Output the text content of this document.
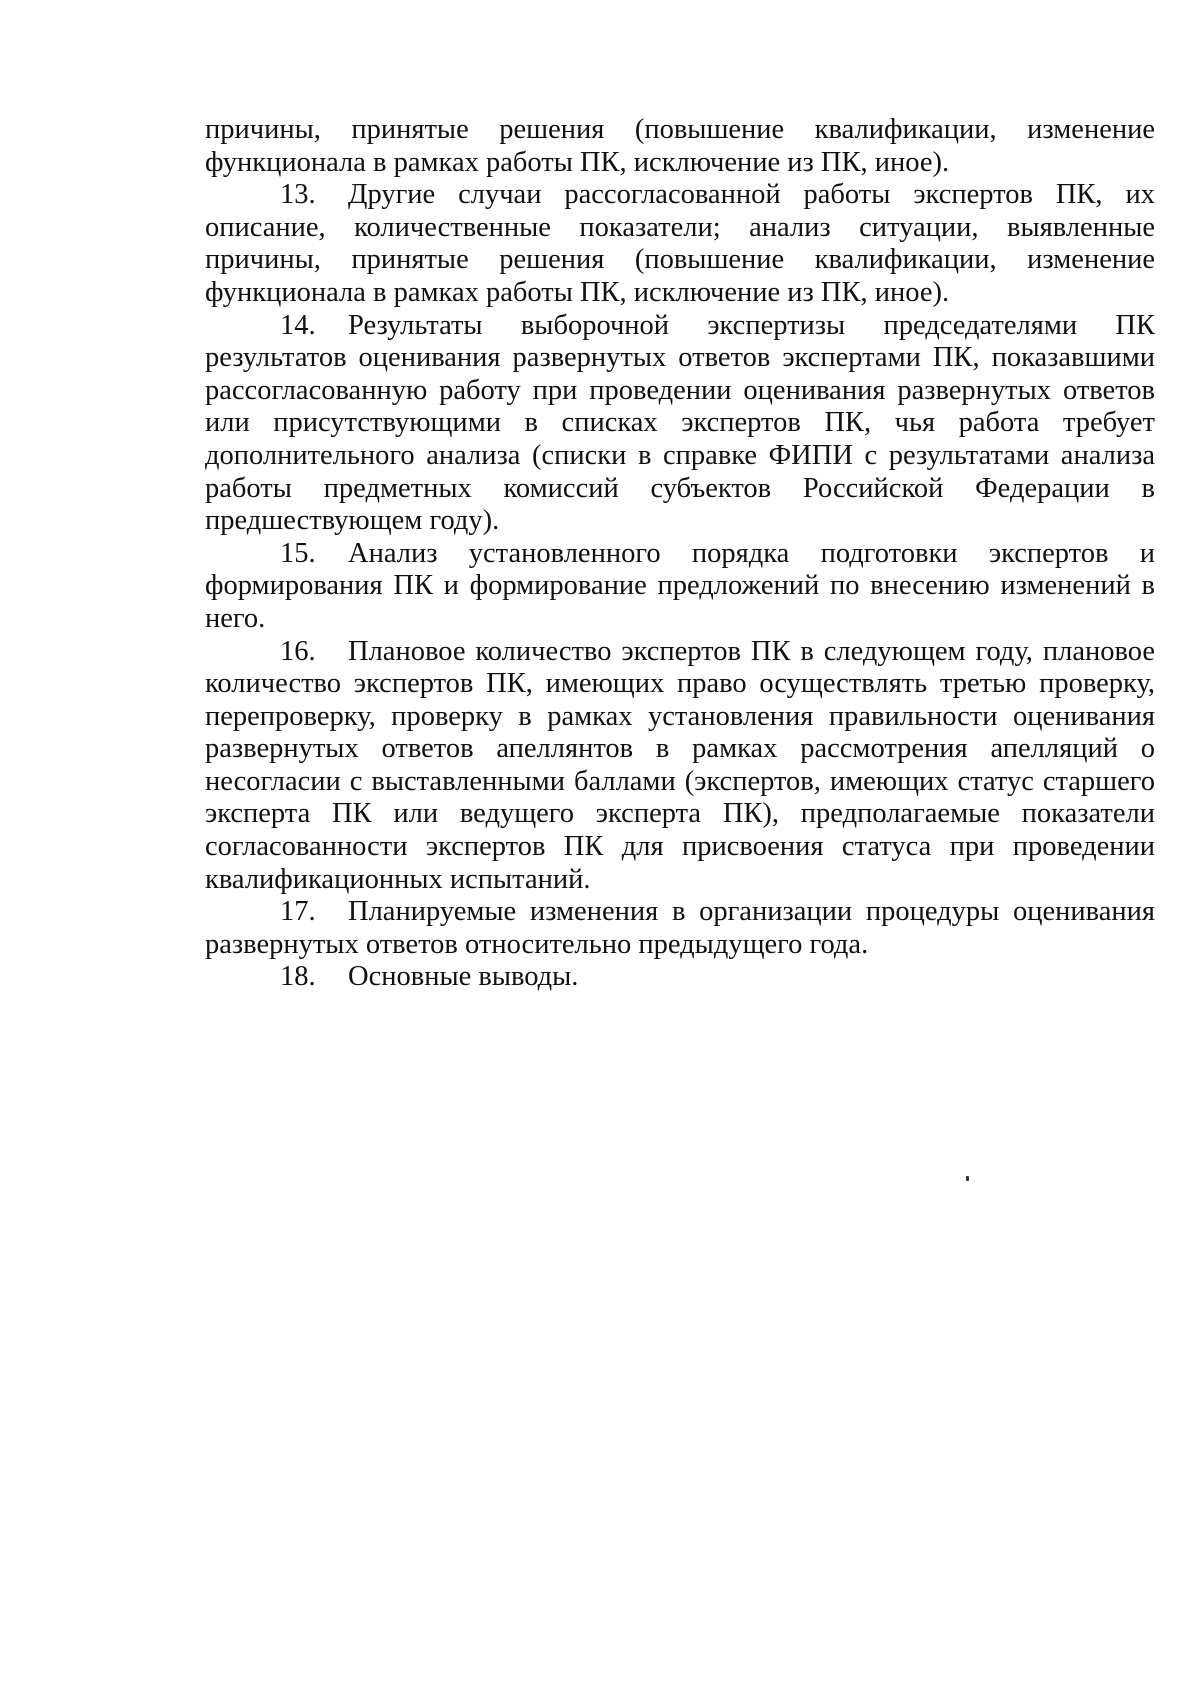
причины, принятые решения (повышение квалификации, изменение функционала в рамках работы ПК, исключение из ПК, иное).

13. Другие случаи рассогласованной работы экспертов ПК, их описание, количественные показатели; анализ ситуации, выявленные причины, принятые решения (повышение квалификации, изменение функционала в рамках работы ПК, исключение из ПК, иное).

14. Результаты выборочной экспертизы председателями ПК результатов оценивания развернутых ответов экспертами ПК, показавшими рассогласованную работу при проведении оценивания развернутых ответов или присутствующими в списках экспертов ПК, чья работа требует дополнительного анализа (списки в справке ФИПИ с результатами анализа работы предметных комиссий субъектов Российской Федерации в предшествующем году).

15. Анализ установленного порядка подготовки экспертов и формирования ПК и формирование предложений по внесению изменений в него.

16. Плановое количество экспертов ПК в следующем году, плановое количество экспертов ПК, имеющих право осуществлять третью проверку, перепроверку, проверку в рамках установления правильности оценивания развернутых ответов апеллянтов в рамках рассмотрения апелляций о несогласии с выставленными баллами (экспертов, имеющих статус старшего эксперта ПК или ведущего эксперта ПК), предполагаемые показатели согласованности экспертов ПК для присвоения статуса при проведении квалификационных испытаний.

17. Планируемые изменения в организации процедуры оценивания развернутых ответов относительно предыдущего года.

18. Основные выводы.
